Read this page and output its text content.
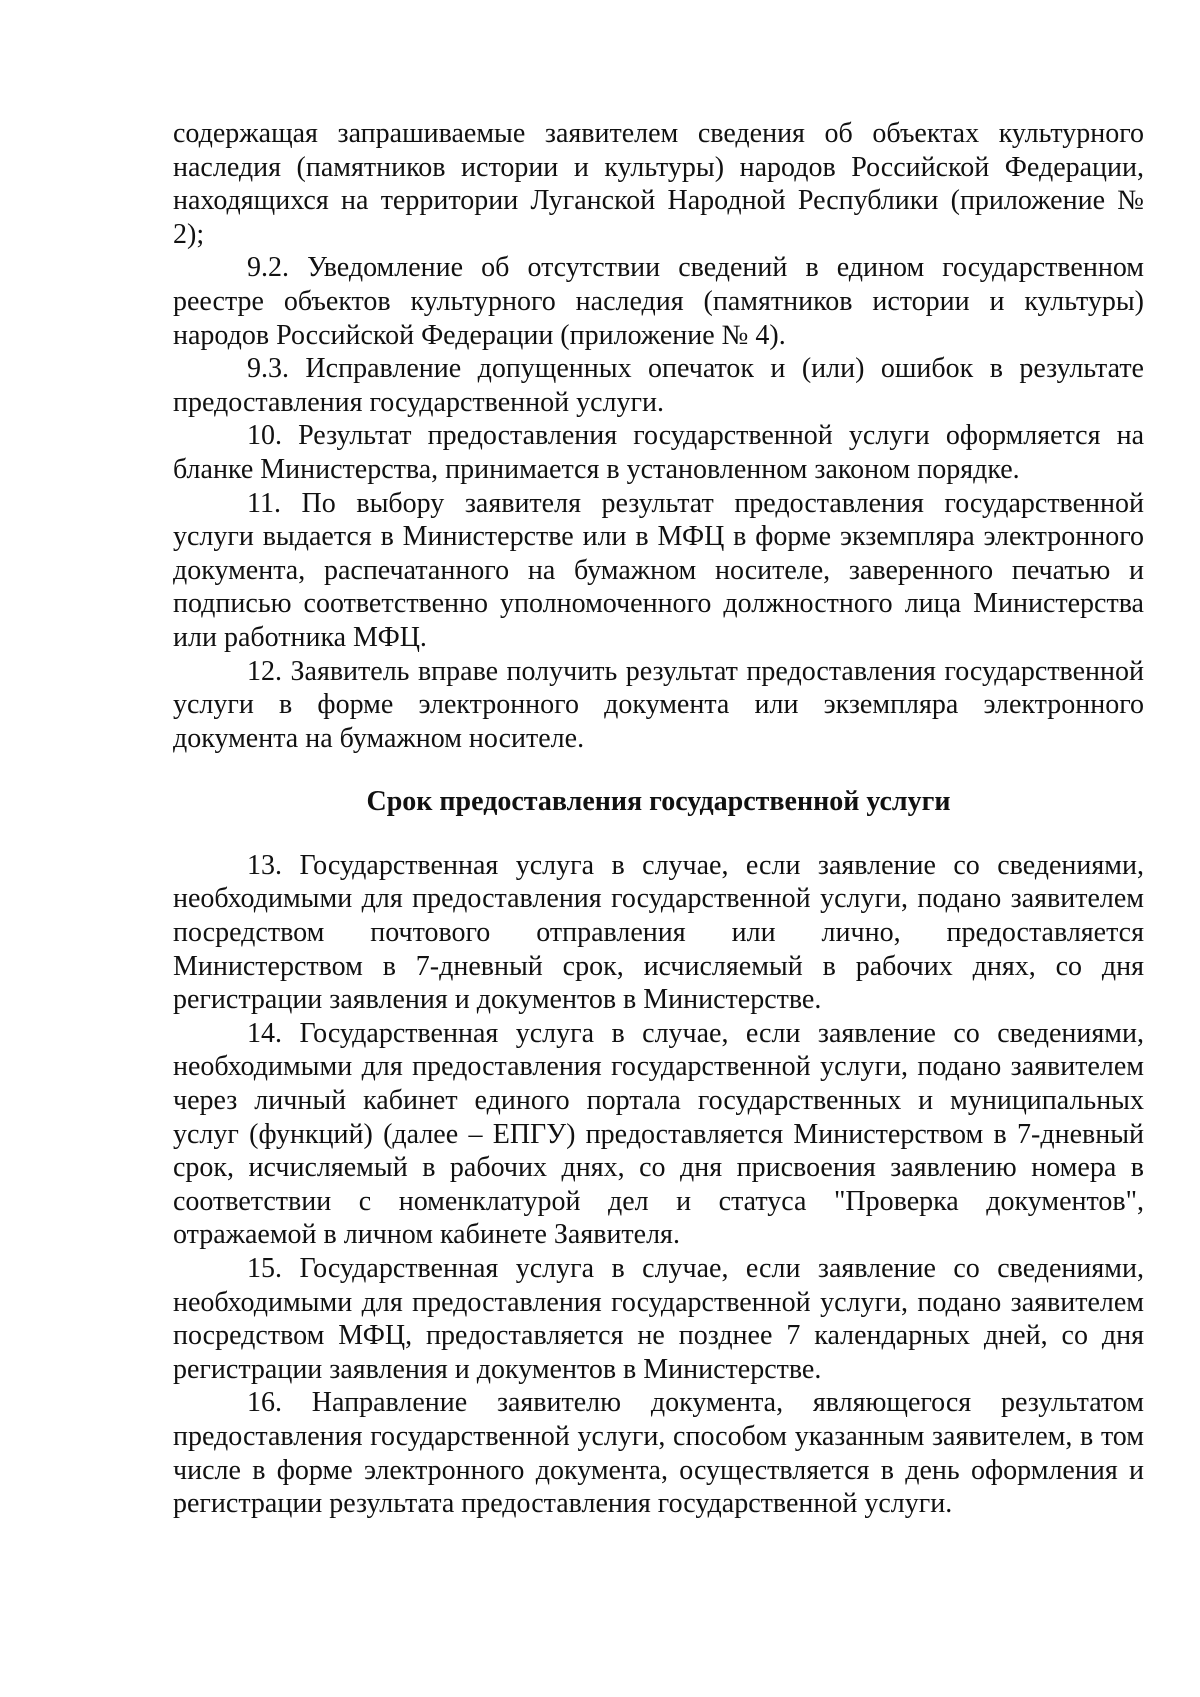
содержащая запрашиваемые заявителем сведения об объектах культурного наследия (памятников истории и культуры) народов Российской Федерации, находящихся на территории Луганской Народной Республики (приложение № 2);

9.2. Уведомление об отсутствии сведений в едином государственном реестре объектов культурного наследия (памятников истории и культуры) народов Российской Федерации (приложение № 4).

9.3. Исправление допущенных опечаток и (или) ошибок в результате предоставления государственной услуги.

10. Результат предоставления государственной услуги оформляется на бланке Министерства, принимается в установленном законом порядке.

11. По выбору заявителя результат предоставления государственной услуги выдается в Министерстве или в МФЦ в форме экземпляра электронного документа, распечатанного на бумажном носителе, заверенного печатью и подписью соответственно уполномоченного должностного лица Министерства или работника МФЦ.

12. Заявитель вправе получить результат предоставления государственной услуги в форме электронного документа или экземпляра электронного документа на бумажном носителе.

Срок предоставления государственной услуги

13. Государственная услуга в случае, если заявление со сведениями, необходимыми для предоставления государственной услуги, подано заявителем посредством почтового отправления или лично, предоставляется Министерством в 7-дневный срок, исчисляемый в рабочих днях, со дня регистрации заявления и документов в Министерстве.

14. Государственная услуга в случае, если заявление со сведениями, необходимыми для предоставления государственной услуги, подано заявителем через личный кабинет единого портала государственных и муниципальных услуг (функций) (далее – ЕПГУ) предоставляется Министерством в 7-дневный срок, исчисляемый в рабочих днях, со дня присвоения заявлению номера в соответствии с номенклатурой дел и статуса "Проверка документов", отражаемой в личном кабинете Заявителя.

15. Государственная услуга в случае, если заявление со сведениями, необходимыми для предоставления государственной услуги, подано заявителем посредством МФЦ, предоставляется не позднее 7 календарных дней, со дня регистрации заявления и документов в Министерстве.

16. Направление заявителю документа, являющегося результатом предоставления государственной услуги, способом указанным заявителем, в том числе в форме электронного документа, осуществляется в день оформления и регистрации результата предоставления государственной услуги.
